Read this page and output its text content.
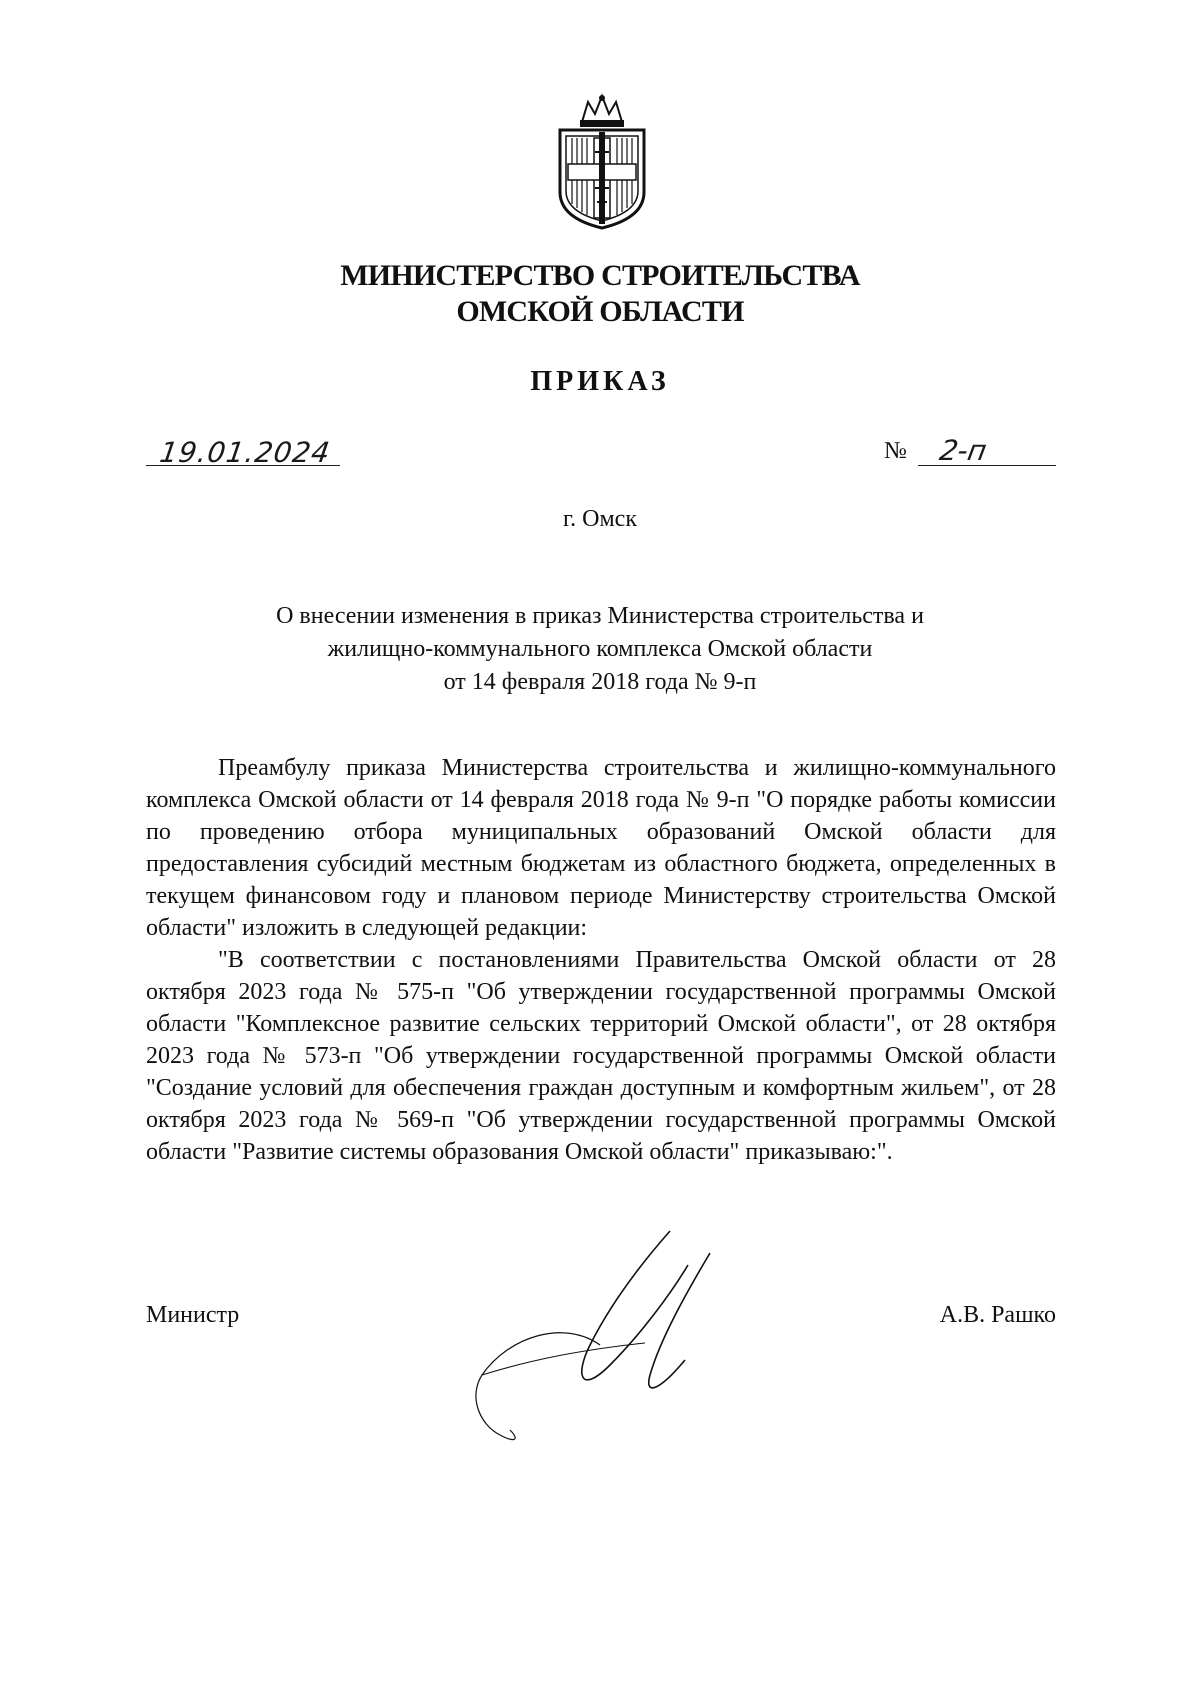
МИНИСТЕРСТВО СТРОИТЕЛЬСТВА
ОМСКОЙ ОБЛАСТИ
ПРИКАЗ
19.01.2024	№ 2-п
г. Омск
О внесении изменения в приказ Министерства строительства и
жилищно-коммунального комплекса Омской области
от 14 февраля 2018 года № 9-п

Преамбулу приказа Министерства строительства и жилищно-коммунального комплекса Омской области от 14 февраля 2018 года № 9-п "О порядке работы комиссии по проведению отбора муниципальных образований Омской области для предоставления субсидий местным бюджетам из областного бюджета, определенных в текущем финансовом году и плановом периоде Министерству строительства Омской области" изложить в следующей редакции:

"В соответствии с постановлениями Правительства Омской области от 28 октября 2023 года № 575-п "Об утверждении государственной программы Омской области "Комплексное развитие сельских территорий Омской области", от 28 октября 2023 года № 573-п "Об утверждении государственной программы Омской области "Создание условий для обеспечения граждан доступным и комфортным жильем", от 28 октября 2023 года № 569-п "Об утверждении государственной программы Омской области "Развитие системы образования Омской области" приказываю:".

Министр	А.В. Рашко
